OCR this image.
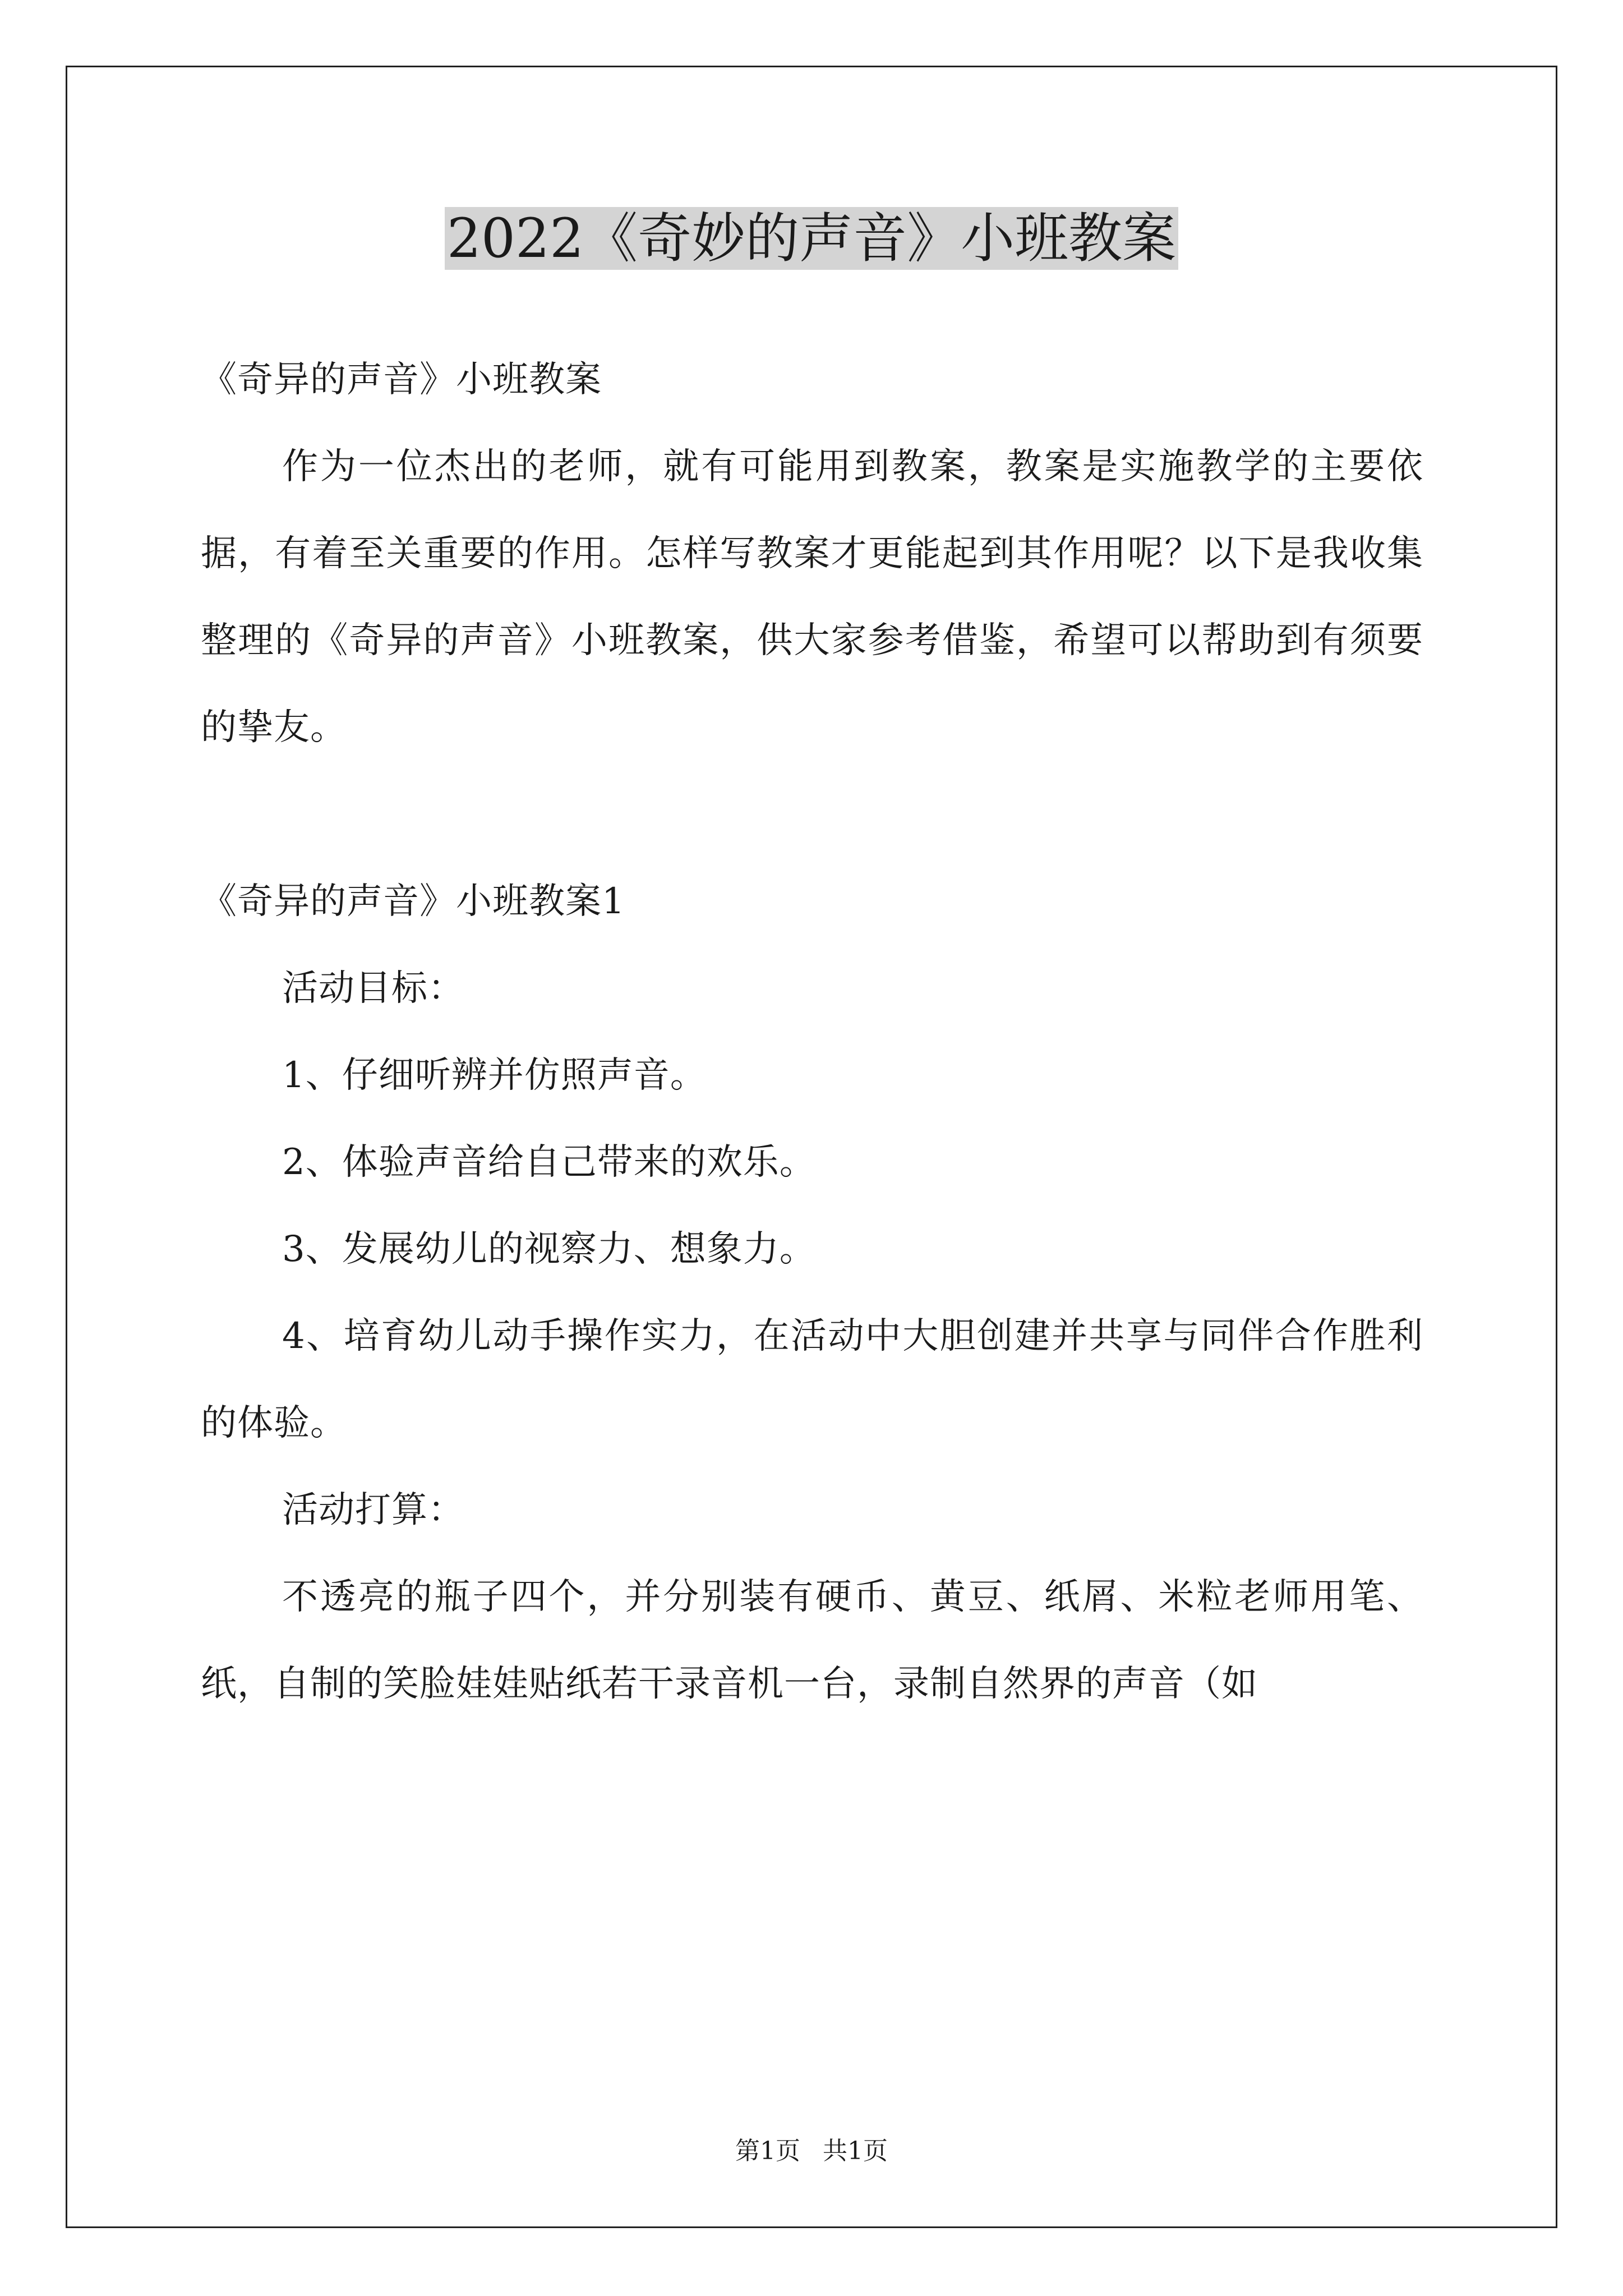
2022《奇妙的声音》小班教案

《奇异的声音》小班教案

作为一位杰出的老师，就有可能用到教案，教案是实施教学的主要依据，有着至关重要的作用。怎样写教案才更能起到其作用呢？以下是我收集整理的《奇异的声音》小班教案，供大家参考借鉴，希望可以帮助到有须要的挚友。

《奇异的声音》小班教案1

活动目标：

1、仔细听辨并仿照声音。

2、体验声音给自己带来的欢乐。

3、发展幼儿的视察力、想象力。

4、培育幼儿动手操作实力，在活动中大胆创建并共享与同伴合作胜利的体验。

活动打算：

不透亮的瓶子四个，并分别装有硬币、黄豆、纸屑、米粒老师用笔、纸，自制的笑脸娃娃贴纸若干录音机一台，录制自然界的声音（如

第1页 共1页
